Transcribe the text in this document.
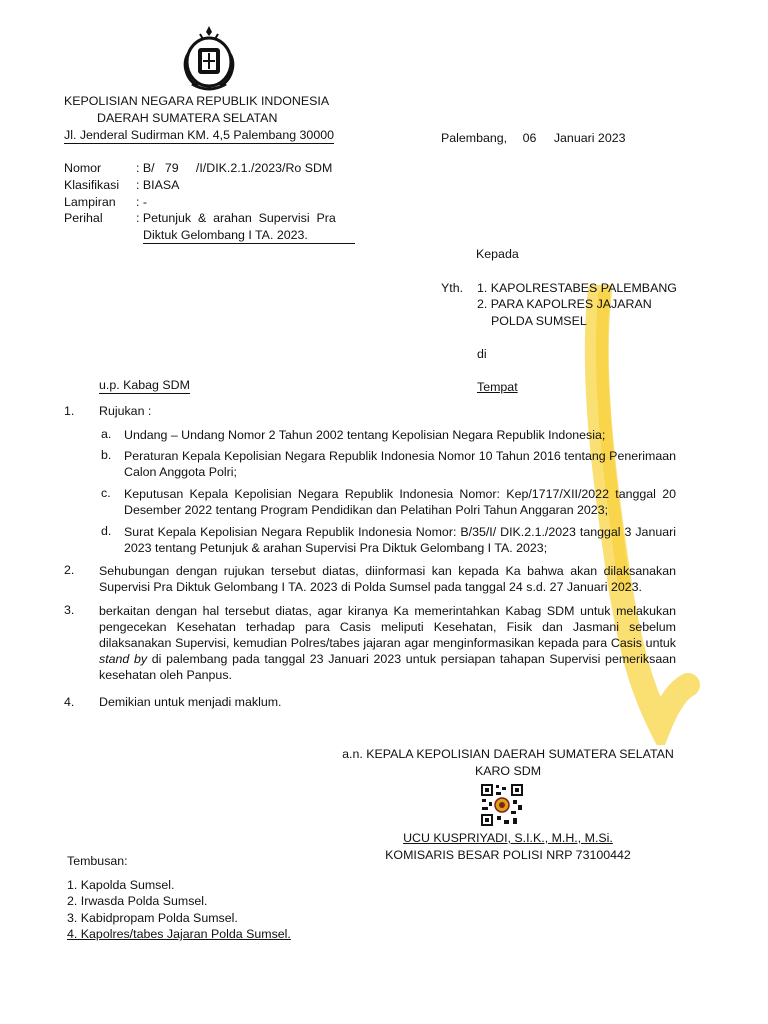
KEPOLISIAN NEGARA REPUBLIK INDONESIA
DAERAH SUMATERA SELATAN
Jl. Jenderal Sudirman KM. 4,5 Palembang 30000	Palembang, 06 Januari 2023
Nomor	: B/   79     /I/DIK.2.1./2023/Ro SDM
Klasifikasi : BIASA
Lampiran : -
Perihal	: Petunjuk  &  arahan  Supervisi  Pra
Diktuk Gelombang I TA. 2023.
Kepada
Yth. 1. KAPOLRESTABES PALEMBANG
2. PARA KAPOLRES JAJARAN
POLDA SUMSEL
di
Tempat
u.p. Kabag SDM
1. Rujukan :
a. Undang – Undang Nomor 2 Tahun 2002 tentang Kepolisian Negara Republik Indonesia;
b. Peraturan Kepala Kepolisian Negara Republik Indonesia Nomor 10 Tahun 2016 tentang Penerimaan Calon Anggota Polri;
c. Keputusan Kepala Kepolisian Negara Republik Indonesia Nomor: Kep/1717/XII/2022 tanggal 20 Desember 2022 tentang Program Pendidikan dan Pelatihan Polri Tahun Anggaran 2023;
d. Surat Kepala Kepolisian Negara Republik Indonesia Nomor: B/35/I/ DIK.2.1./2023 tanggal 3 Januari 2023 tentang Petunjuk & arahan Supervisi Pra Diktuk Gelombang I TA. 2023;
2. Sehubungan dengan rujukan tersebut diatas, diinformasi kan kepada Ka bahwa akan dilaksanakan Supervisi Pra Diktuk Gelombang I TA. 2023 di Polda Sumsel pada tanggal 24 s.d. 27 Januari 2023.
3. berkaitan dengan hal tersebut diatas, agar kiranya Ka memerintahkan Kabag SDM untuk melakukan pengecekan Kesehatan terhadap para Casis meliputi Kesehatan, Fisik dan Jasmani sebelum dilaksanakan Supervisi, kemudian Polres/tabes jajaran agar menginformasikan kepada para Casis untuk stand by di palembang pada tanggal 23 Januari 2023 untuk persiapan tahapan Supervisi pemeriksaan kesehatan oleh Panpus.
4. Demikian untuk menjadi maklum.
a.n. KEPALA KEPOLISIAN DAERAH SUMATERA SELATAN
KARO SDM
UCU KUSPRIYADI, S.I.K., M.H., M.Si.
KOMISARIS BESAR POLISI NRP 73100442
Tembusan:
1. Kapolda Sumsel.
2. Irwasda Polda Sumsel.
3. Kabidpropam Polda Sumsel.
4. Kapolres/tabes Jajaran Polda Sumsel.
